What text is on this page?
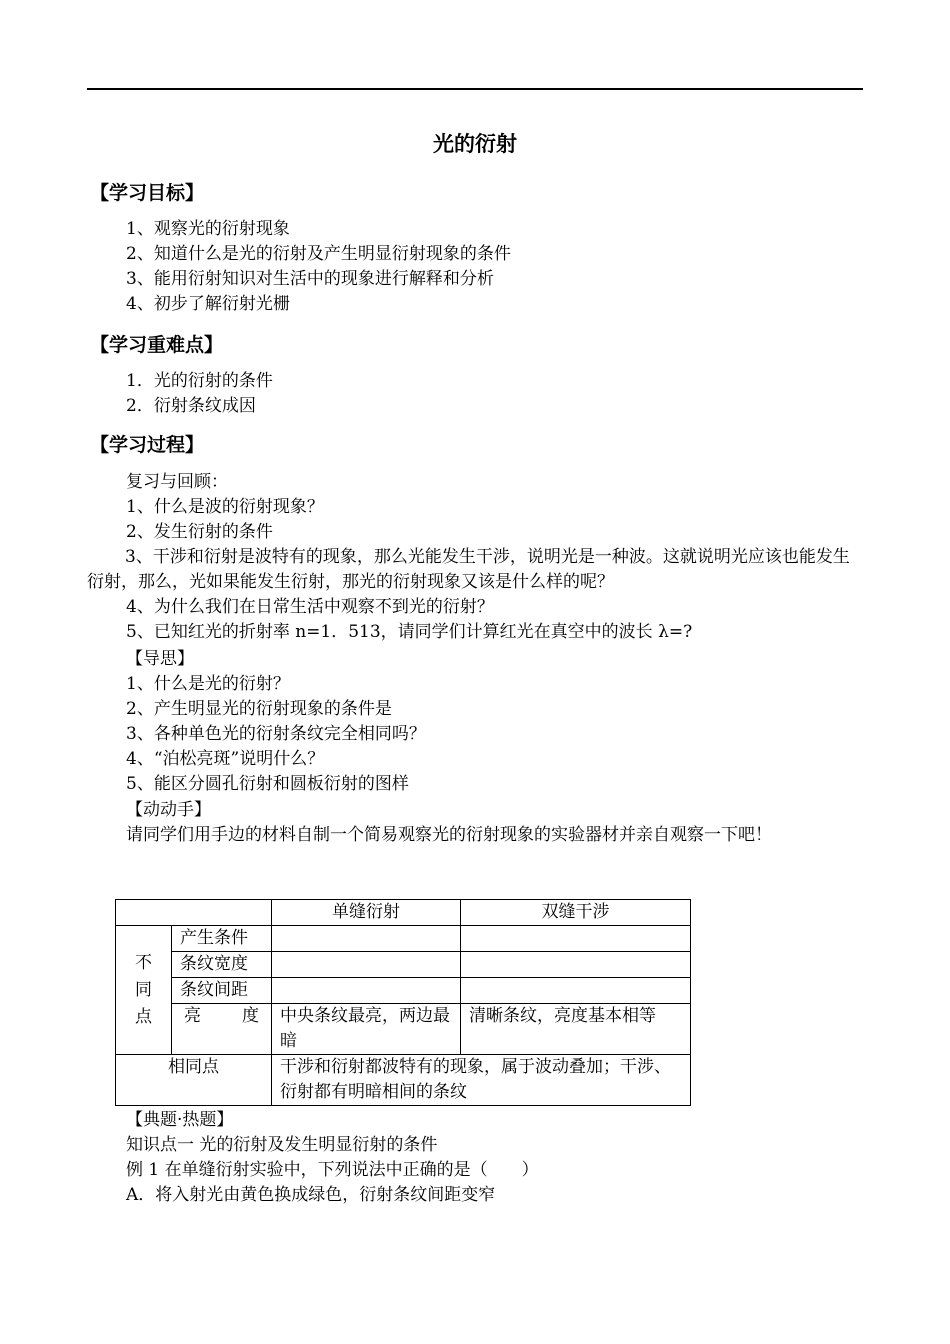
光的衍射
【学习目标】
1、观察光的衍射现象
2、知道什么是光的衍射及产生明显衍射现象的条件
3、能用衍射知识对生活中的现象进行解释和分析
4、初步了解衍射光栅
【学习重难点】
1．光的衍射的条件
2．衍射条纹成因
【学习过程】
复习与回顾：
1、什么是波的衍射现象？
2、发生衍射的条件
3、干涉和衍射是波特有的现象，那么光能发生干涉，说明光是一种波。这就说明光应该也能发生衍射，那么，光如果能发生衍射，那光的衍射现象又该是什么样的呢？
4、为什么我们在日常生活中观察不到光的衍射？
5、已知红光的折射率 n=1．513，请同学们计算红光在真空中的波长 λ=?
【导思】
1、什么是光的衍射？
2、产生明显光的衍射现象的条件是
3、各种单色光的衍射条纹完全相同吗？
4、“泊松亮斑”说明什么？
5、能区分圆孔衍射和圆板衍射的图样
【动动手】
请同学们用手边的材料自制一个简易观察光的衍射现象的实验器材并亲自观察一下吧！
		单缝衍射	双缝干涉
不同点	产生条件		
	条纹宽度		
	条纹间距		
	亮　　度	中央条纹最亮，两边最暗	清晰条纹，亮度基本相等
相同点		干涉和衍射都波特有的现象，属于波动叠加；干涉、衍射都有明暗相间的条纹	
【典题·热题】
知识点一 光的衍射及发生明显衍射的条件
例 1 在单缝衍射实验中，下列说法中正确的是（　　）
A．将入射光由黄色换成绿色，衍射条纹间距变窄
